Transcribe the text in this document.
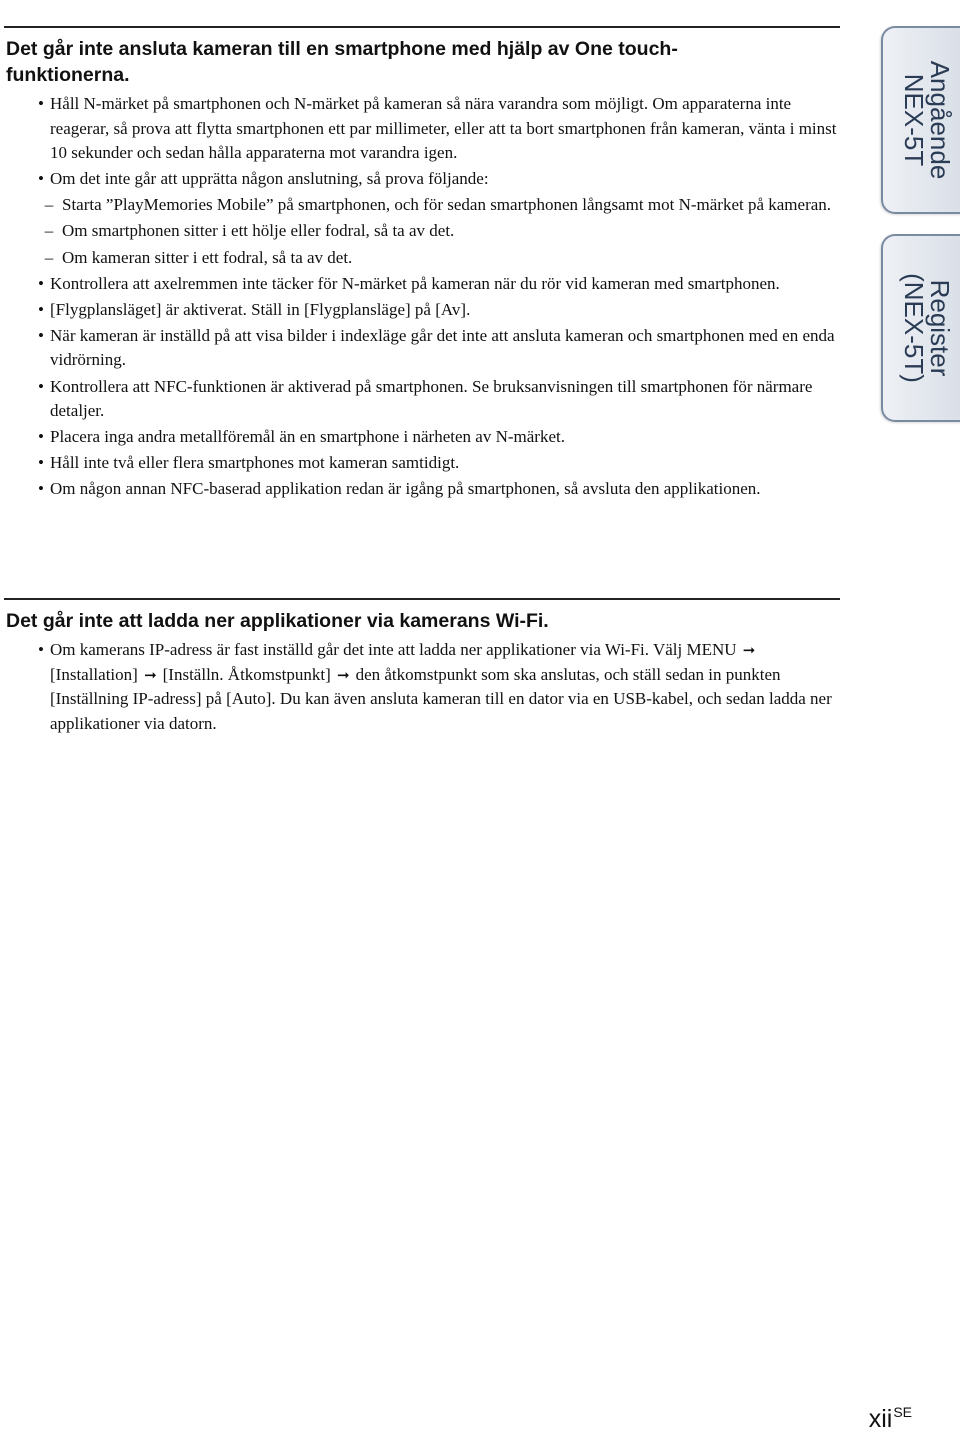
Det går inte ansluta kameran till en smartphone med hjälp av One touch-
funktionerna.
• Håll N-märket på smartphonen och N-märket på kameran så nära varandra som möjligt. Om apparaterna inte reagerar, så prova att flytta smartphonen ett par millimeter, eller att ta bort smartphonen från kameran, vänta i minst 10 sekunder och sedan hålla apparaterna mot varandra igen.
• Om det inte går att upprätta någon anslutning, så prova följande:
– Starta ”PlayMemories Mobile” på smartphonen, och för sedan smartphonen långsamt mot N-märket på kameran.
– Om smartphonen sitter i ett hölje eller fodral, så ta av det.
– Om kameran sitter i ett fodral, så ta av det.
• Kontrollera att axelremmen inte täcker för N-märket på kameran när du rör vid kameran med smartphonen.
• [Flygplansläget] är aktiverat. Ställ in [Flygplansläge] på [Av].
• När kameran är inställd på att visa bilder i indexläge går det inte att ansluta kameran och smartphonen med en enda vidrörning.
• Kontrollera att NFC-funktionen är aktiverad på smartphonen. Se bruksanvisningen till smartphonen för närmare detaljer.
• Placera inga andra metallföremål än en smartphone i närheten av N-märket.
• Håll inte två eller flera smartphones mot kameran samtidigt.
• Om någon annan NFC-baserad applikation redan är igång på smartphonen, så avsluta den applikationen.
Det går inte att ladda ner applikationer via kamerans Wi-Fi.
• Om kamerans IP-adress är fast inställd går det inte att ladda ner applikationer via Wi-Fi. Välj MENU ➞[Installation] ➞ [Inställn. Åtkomstpunkt] ➞ den åtkomstpunkt som ska anslutas, och ställ sedan in punkten [Inställning IP-adress] på [Auto]. Du kan även ansluta kameran till en dator via en USB-kabel, och sedan ladda ner applikationer via datorn.
Angående
NEX-5T
Register
(NEX-5T)
xii$^{SE}$
